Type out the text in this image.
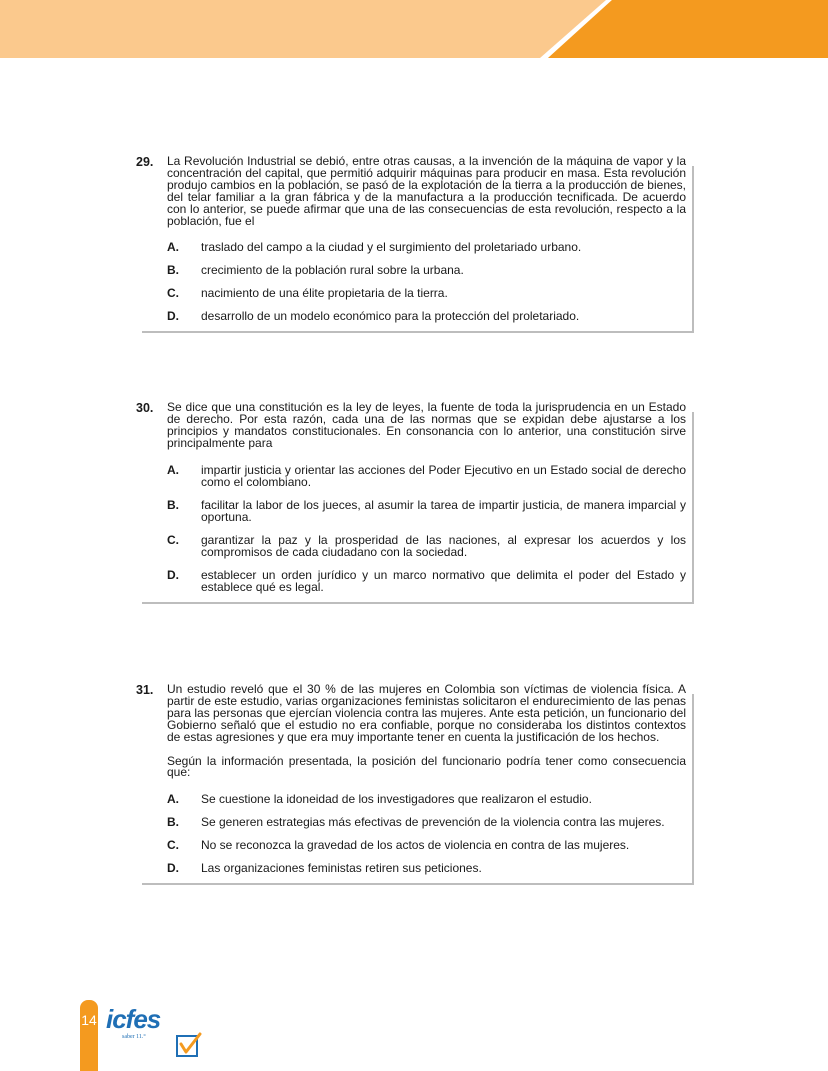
29.	La Revolución Industrial se debió, entre otras causas, a la invención de la máquina de vapor y la concentración del capital, que permitió adquirir máquinas para producir en masa. Esta revolución produjo cambios en la población, se pasó de la explotación de la tierra a la producción de bienes, del telar familiar a la gran fábrica y de la manufactura a la producción tecnificada. De acuerdo con lo anterior, se puede afirmar que una de las consecuencias de esta revolución, respecto a la población, fue el

A.	traslado del campo a la ciudad y el surgimiento del proletariado urbano.
B.	crecimiento de la población rural sobre la urbana.
C.	nacimiento de una élite propietaria de la tierra.
D.	desarrollo de un modelo económico para la protección del proletariado.
30.	Se dice que una constitución es la ley de leyes, la fuente de toda la jurisprudencia en un Estado de derecho. Por esta razón, cada una de las normas que se expidan debe ajustarse a los principios y mandatos constitucionales. En consonancia con lo anterior, una constitución sirve principalmente para

A.	impartir justicia y orientar las acciones del Poder Ejecutivo en un Estado social de derecho como el colombiano.
B.	facilitar la labor de los jueces, al asumir la tarea de impartir justicia, de manera imparcial y oportuna.
C.	garantizar la paz y la prosperidad de las naciones, al expresar los acuerdos y los compromisos de cada ciudadano con la sociedad.
D.	establecer un orden jurídico y un marco normativo que delimita el poder del Estado y establece qué es legal.
31.	Un estudio reveló que el 30 % de las mujeres en Colombia son víctimas de violencia física. A partir de este estudio, varias organizaciones feministas solicitaron el endurecimiento de las penas para las personas que ejercían violencia contra las mujeres. Ante esta petición, un funcionario del Gobierno señaló que el estudio no era confiable, porque no consideraba los distintos contextos de estas agresiones y que era muy importante tener en cuenta la justificación de los hechos.

Según la información presentada, la posición del funcionario podría tener como consecuencia que:

A.	Se cuestione la idoneidad de los investigadores que realizaron el estudio.
B.	Se generen estrategias más efectivas de prevención de la violencia contra las mujeres.
C.	No se reconozca la gravedad de los actos de violencia en contra de las mujeres.
D.	Las organizaciones feministas retiren sus peticiones.
14 icfes
saber 11.°
